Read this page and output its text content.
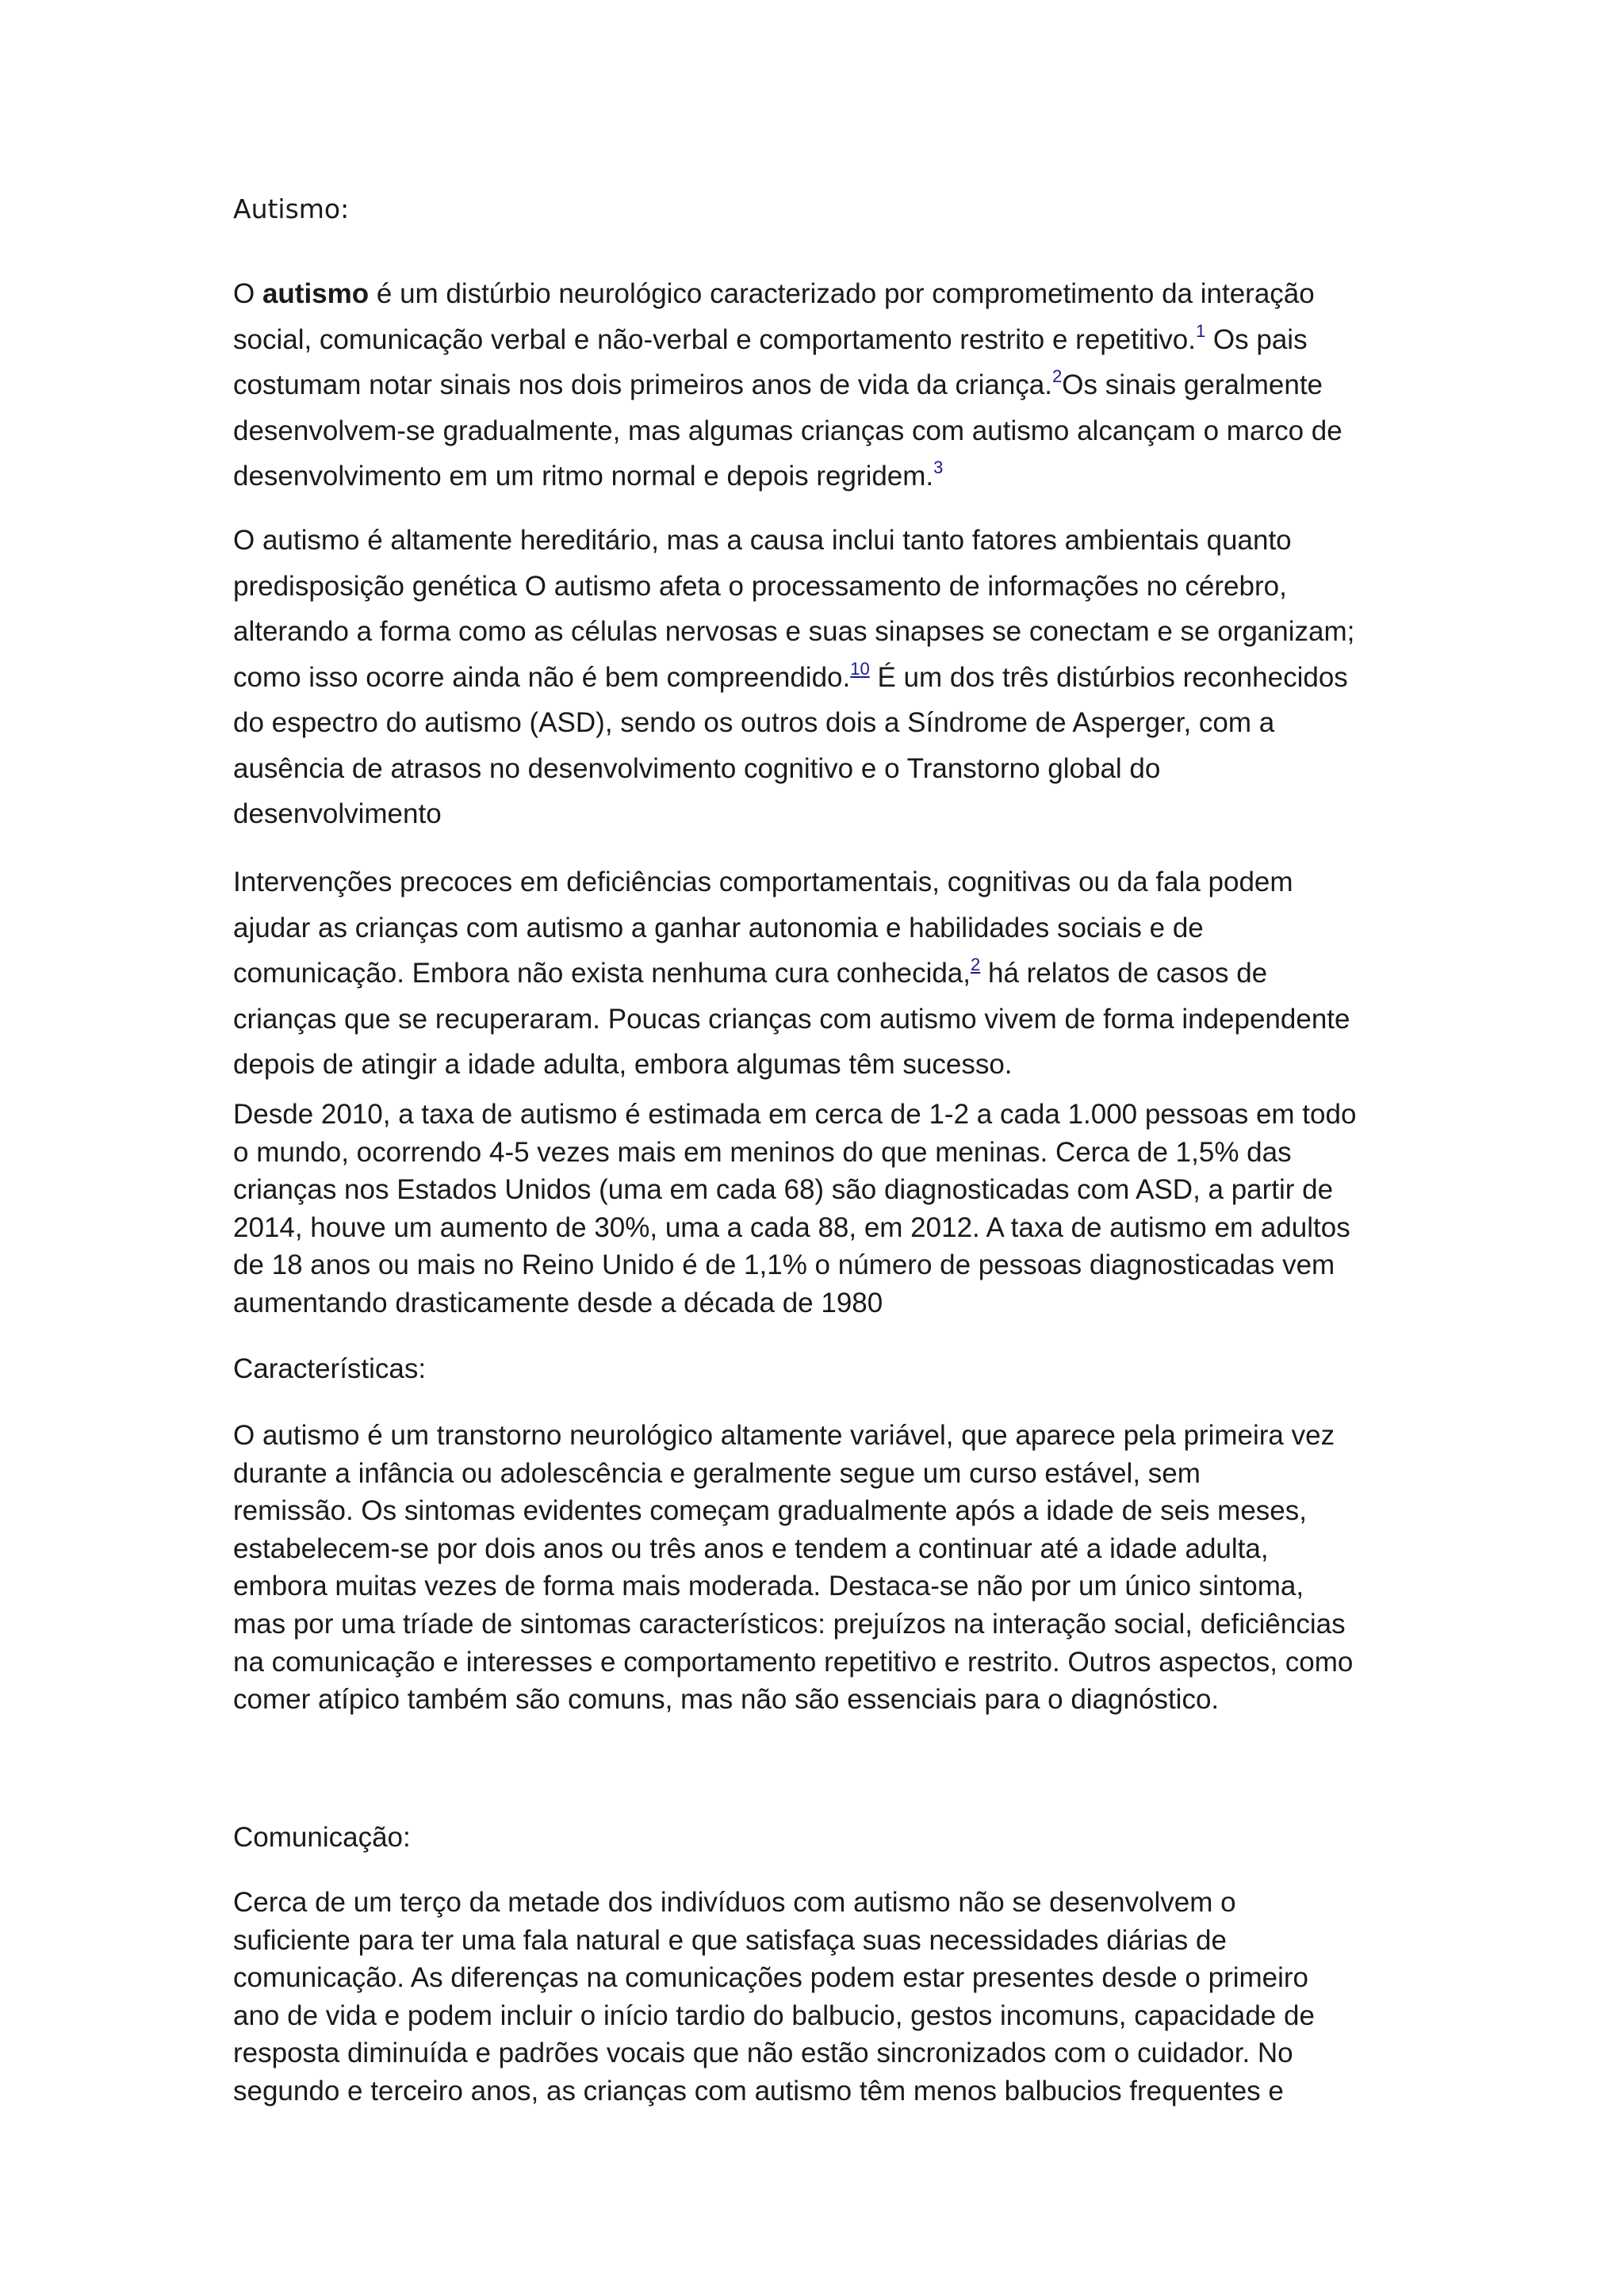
Autismo:
O autismo é um distúrbio neurológico caracterizado por comprometimento da interação
social, comunicação verbal e não-verbal e comportamento restrito e repetitivo.$^1$ Os pais
costumam notar sinais nos dois primeiros anos de vida da criança.$^2$Os sinais geralmente
desenvolvem-se gradualmente, mas algumas crianças com autismo alcançam o marco de
desenvolvimento em um ritmo normal e depois regridem.$^3$
O autismo é altamente hereditário, mas a causa inclui tanto fatores ambientais quanto
predisposição genética O autismo afeta o processamento de informações no cérebro,
alterando a forma como as células nervosas e suas sinapses se conectam e se organizam;
como isso ocorre ainda não é bem compreendido.$^{10}$ É um dos três distúrbios reconhecidos
do espectro do autismo (ASD), sendo os outros dois a Síndrome de Asperger, com a
ausência de atrasos no desenvolvimento cognitivo e o Transtorno global do
desenvolvimento
Intervenções precoces em deficiências comportamentais, cognitivas ou da fala podem
ajudar as crianças com autismo a ganhar autonomia e habilidades sociais e de
comunicação. Embora não exista nenhuma cura conhecida,$^2$ há relatos de casos de
crianças que se recuperaram. Poucas crianças com autismo vivem de forma independente
depois de atingir a idade adulta, embora algumas têm sucesso.
Desde 2010, a taxa de autismo é estimada em cerca de 1-2 a cada 1.000 pessoas em todo
o mundo, ocorrendo 4-5 vezes mais em meninos do que meninas. Cerca de 1,5% das
crianças nos Estados Unidos (uma em cada 68) são diagnosticadas com ASD, a partir de
2014, houve um aumento de 30%, uma a cada 88, em 2012. A taxa de autismo em adultos
de 18 anos ou mais no Reino Unido é de 1,1% o número de pessoas diagnosticadas vem
aumentando drasticamente desde a década de 1980
Características:
O autismo é um transtorno neurológico altamente variável, que aparece pela primeira vez
durante a infância ou adolescência e geralmente segue um curso estável, sem
remissão. Os sintomas evidentes começam gradualmente após a idade de seis meses,
estabelecem-se por dois anos ou três anos e tendem a continuar até a idade adulta,
embora muitas vezes de forma mais moderada. Destaca-se não por um único sintoma,
mas por uma tríade de sintomas característicos: prejuízos na interação social, deficiências
na comunicação e interesses e comportamento repetitivo e restrito. Outros aspectos, como
comer atípico também são comuns, mas não são essenciais para o diagnóstico.
Comunicação:
Cerca de um terço da metade dos indivíduos com autismo não se desenvolvem o
suficiente para ter uma fala natural e que satisfaça suas necessidades diárias de
comunicação. As diferenças na comunicações podem estar presentes desde o primeiro
ano de vida e podem incluir o início tardio do balbucio, gestos incomuns, capacidade de
resposta diminuída e padrões vocais que não estão sincronizados com o cuidador. No
segundo e terceiro anos, as crianças com autismo têm menos balbucios frequentes e
